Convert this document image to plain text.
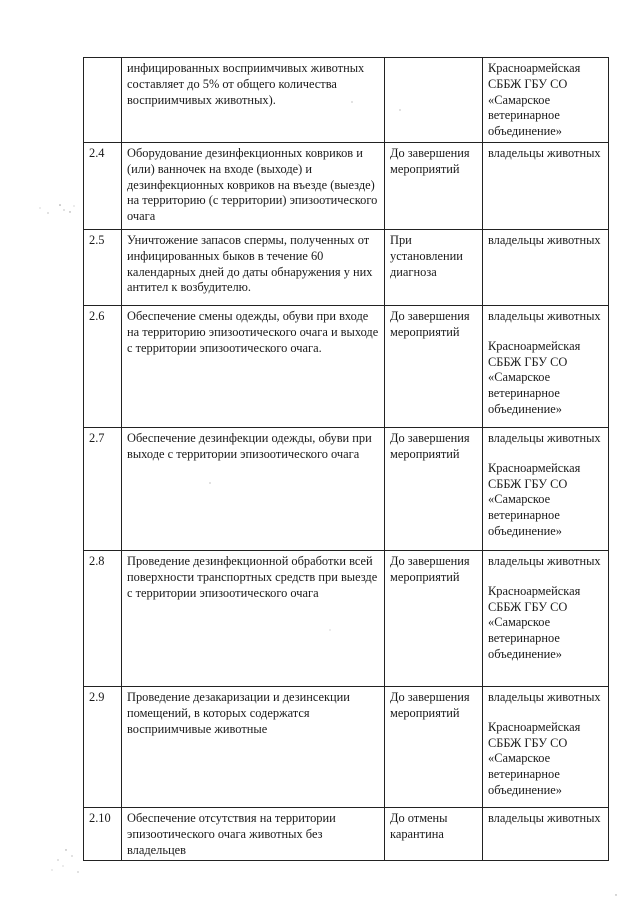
	инфицированных восприимчивых животных составляет до 5% от общего количества восприимчивых животных).		Красноармейская СББЖ ГБУ СО «Самарское ветеринарное объединение»

2.4	Оборудование дезинфекционных ковриков и (или) ванночек на входе (выходе) и дезинфекционных ковриков на въезде (выезде) на территорию (с территории) эпизоотического очага	До завершения мероприятий	владельцы животных

2.5	Уничтожение запасов спермы, полученных от инфицированных быков в течение 60 календарных дней до даты обнаружения у них антител к возбудителю.	При установлении диагноза	владельцы животных

2.6	Обеспечение смены одежды, обуви при входе на территорию эпизоотического очага и выходе с территории эпизоотического очага.	До завершения мероприятий	владельцы животных
Красноармейская СББЖ ГБУ СО «Самарское ветеринарное объединение»

2.7	Обеспечение дезинфекции одежды, обуви при выходе с территории эпизоотического очага	До завершения мероприятий	владельцы животных
Красноармейская СББЖ ГБУ СО «Самарское ветеринарное объединение»

2.8	Проведение дезинфекционной обработки всей поверхности транспортных средств при выезде с территории эпизоотического очага	До завершения мероприятий	владельцы животных
Красноармейская СББЖ ГБУ СО «Самарское ветеринарное объединение»

2.9	Проведение дезакаризации и дезинсекции помещений, в которых содержатся восприимчивые животные	До завершения мероприятий	владельцы животных
Красноармейская СББЖ ГБУ СО «Самарское ветеринарное объединение»

2.10	Обеспечение отсутствия на территории эпизоотического очага животных без владельцев	До отмены карантина	владельцы животных
